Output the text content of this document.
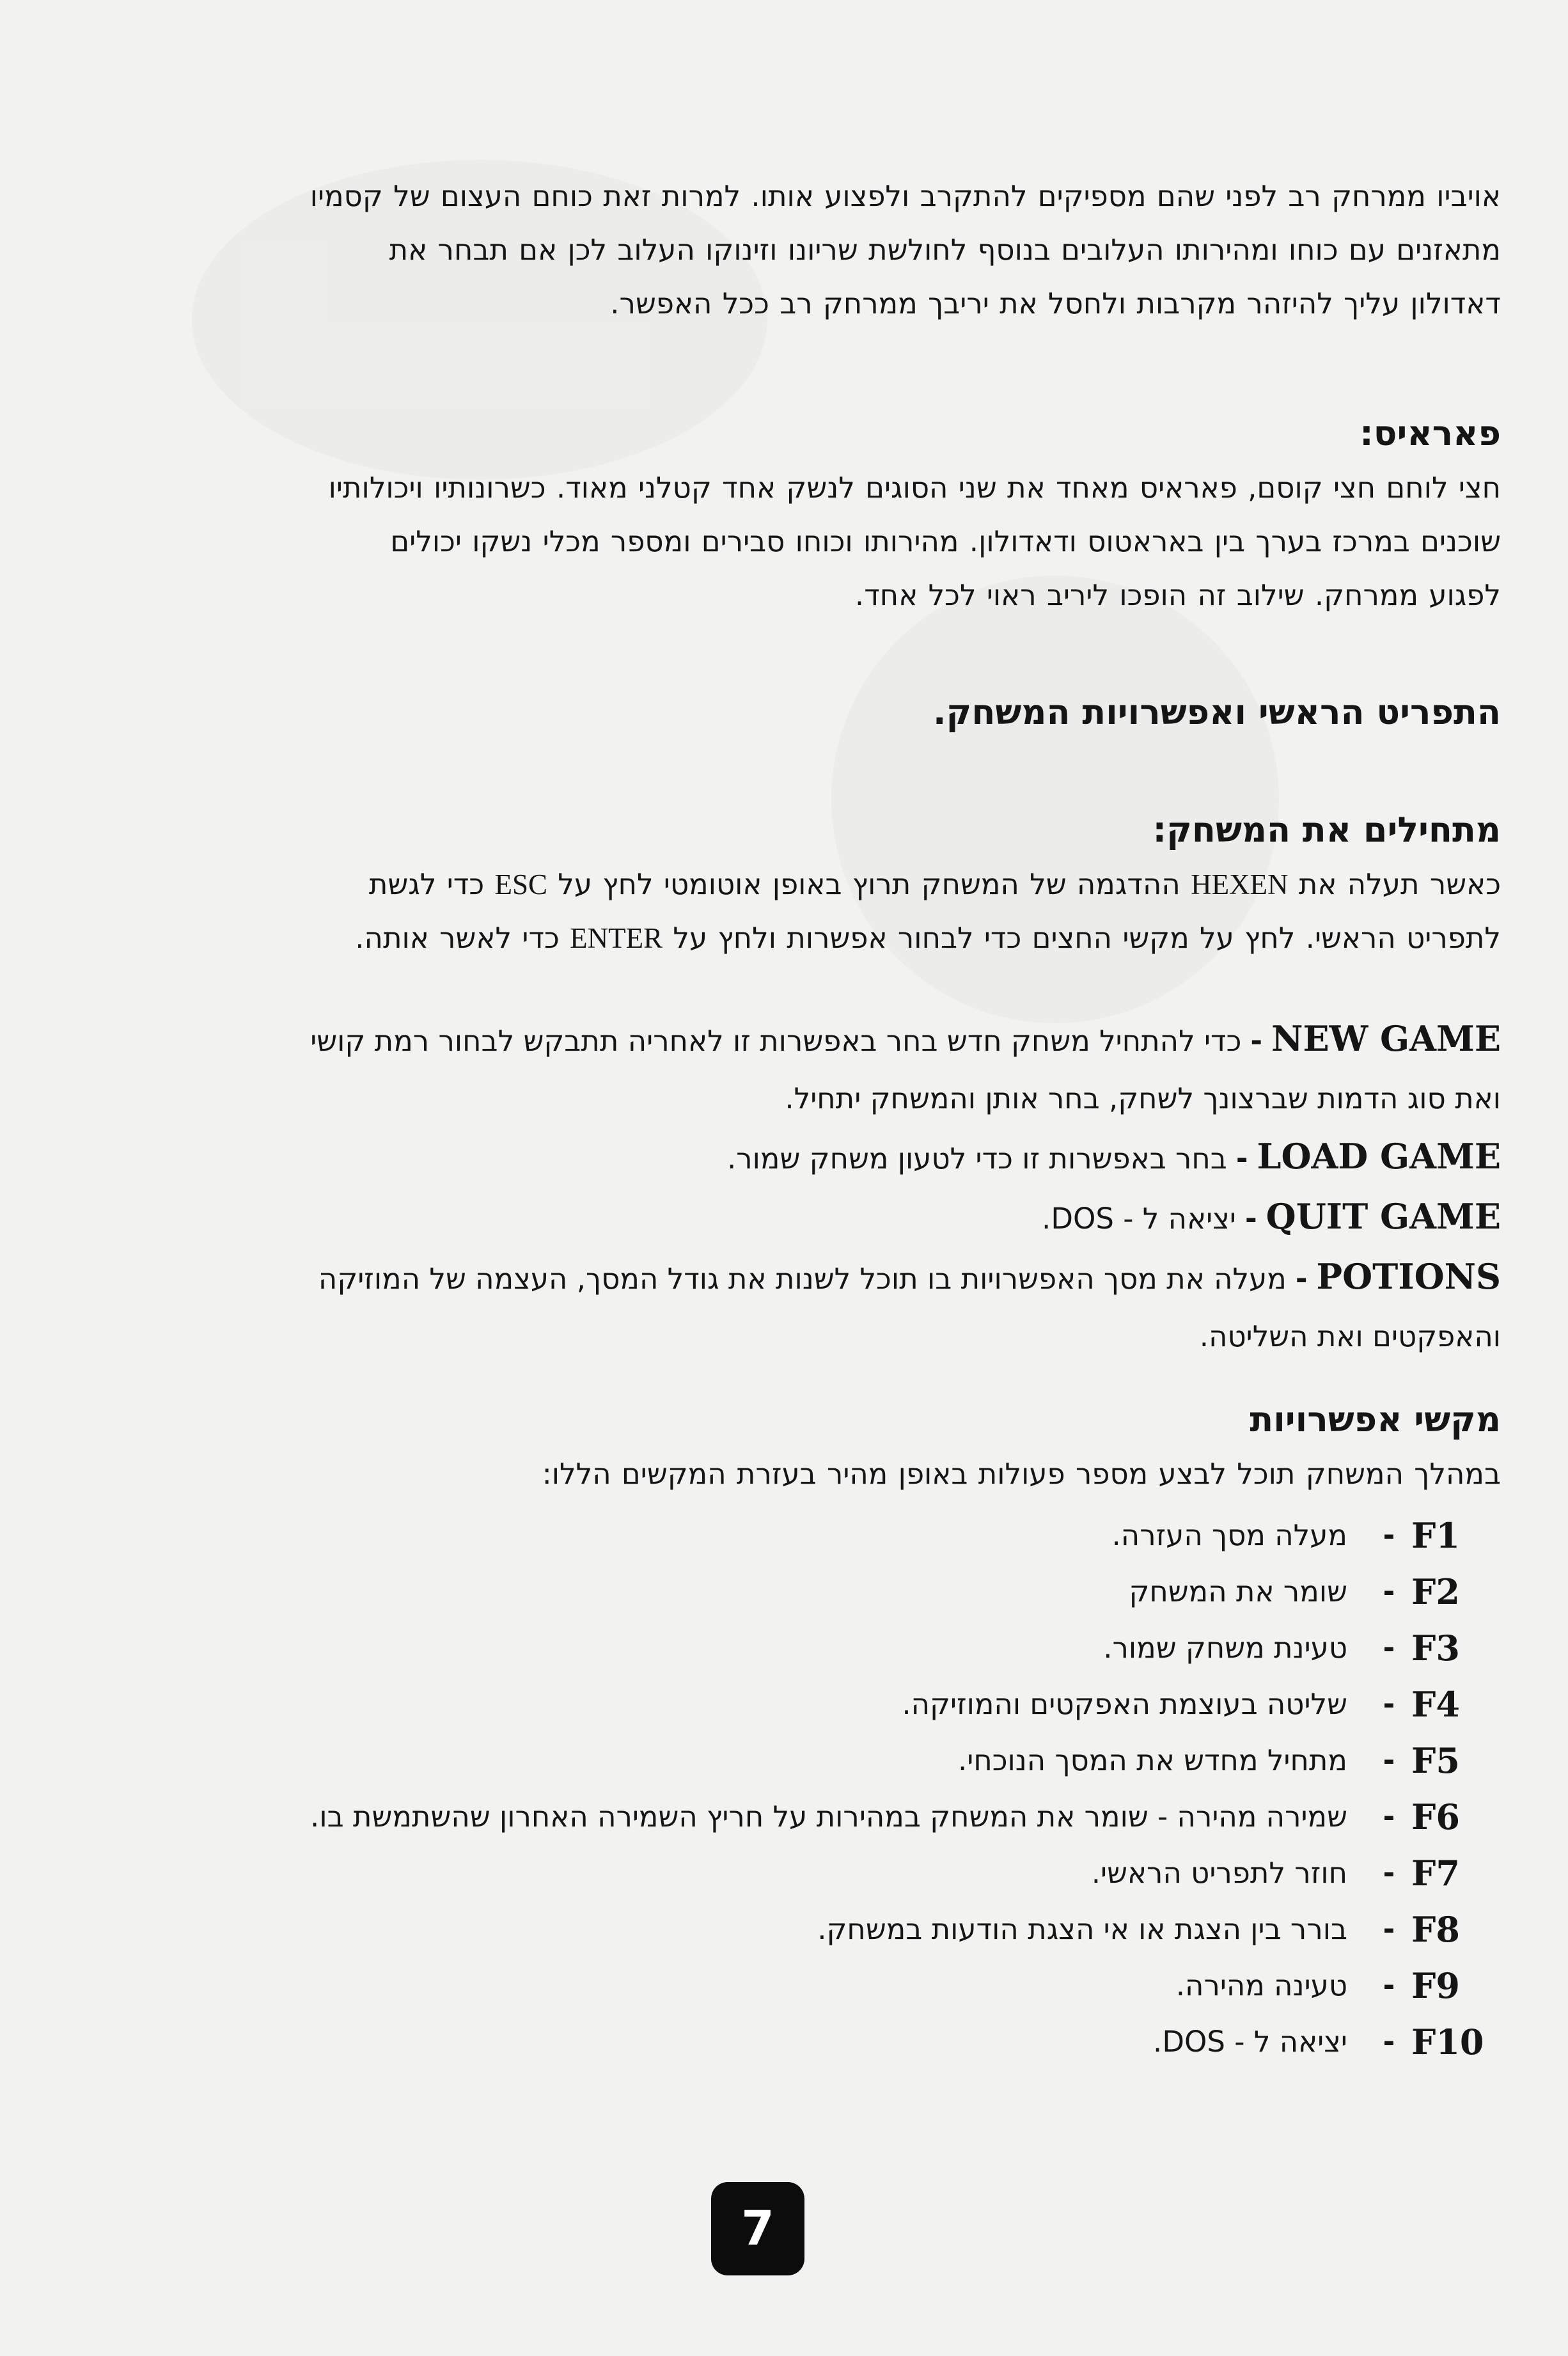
אויביו ממרחק רב לפני שהם מספיקים להתקרב ולפצוע אותו. למרות זאת כוחם העצום של קסמיו

מתאזנים עם כוחו ומהירותו העלובים בנוסף לחולשת שריונו וזינוקו העלוב לכן אם תבחר את

דאדולון עליך להיזהר מקרבות ולחסל את יריבך ממרחק רב ככל האפשר.

פאראיס:

חצי לוחם חצי קוסם, פאראיס מאחד את שני הסוגים לנשק אחד קטלני מאוד. כשרונותיו ויכולותיו

שוכנים במרכז בערך בין באראטוס ודאדולון. מהירותו וכוחו סבירים ומספר מכלי נשקו יכולים

לפגוע ממרחק. שילוב זה הופכו ליריב ראוי לכל אחד.

התפריט הראשי ואפשרויות המשחק.
מתחילים את המשחק:

כאשר תעלה את HEXEN ההדגמה של המשחק תרוץ באופן אוטומטי לחץ על ESC כדי לגשת

לתפריט הראשי. לחץ על מקשי החצים כדי לבחור אפשרות ולחץ על ENTER כדי לאשר אותה.

NEW GAME-כדי להתחיל משחק חדש בחר באפשרות זו לאחריה תתבקש לבחור רמת קושי

ואת סוג הדמות שברצונך לשחק, בחר אותן והמשחק יתחיל.

LOAD GAME-בחר באפשרות זו כדי לטעון משחק שמור.

QUIT GAME-יציאה ל - DOS.

POTIONS-מעלה את מסך האפשרויות בו תוכל לשנות את גודל המסך, העצמה של המוזיקה

והאפקטים ואת השליטה.

מקשי אפשרויות

במהלך המשחק תוכל לבצע מספר פעולות באופן מהיר בעזרת המקשים הללו:

F1
-
מעלה מסך העזרה.
F2
-
שומר את המשחק
F3
-
טעינת משחק שמור.
F4
-
שליטה בעוצמת האפקטים והמוזיקה.
F5
-
מתחיל מחדש את המסך הנוכחי.
F6
-
שמירה מהירה - שומר את המשחק במהירות על חריץ השמירה האחרון שהשתמשת בו.
F7
-
חוזר לתפריט הראשי.
F8
-
בורר בין הצגת או אי הצגת הודעות במשחק.
F9
-
טעינה מהירה.
F10
-
יציאה ל - DOS.
7
